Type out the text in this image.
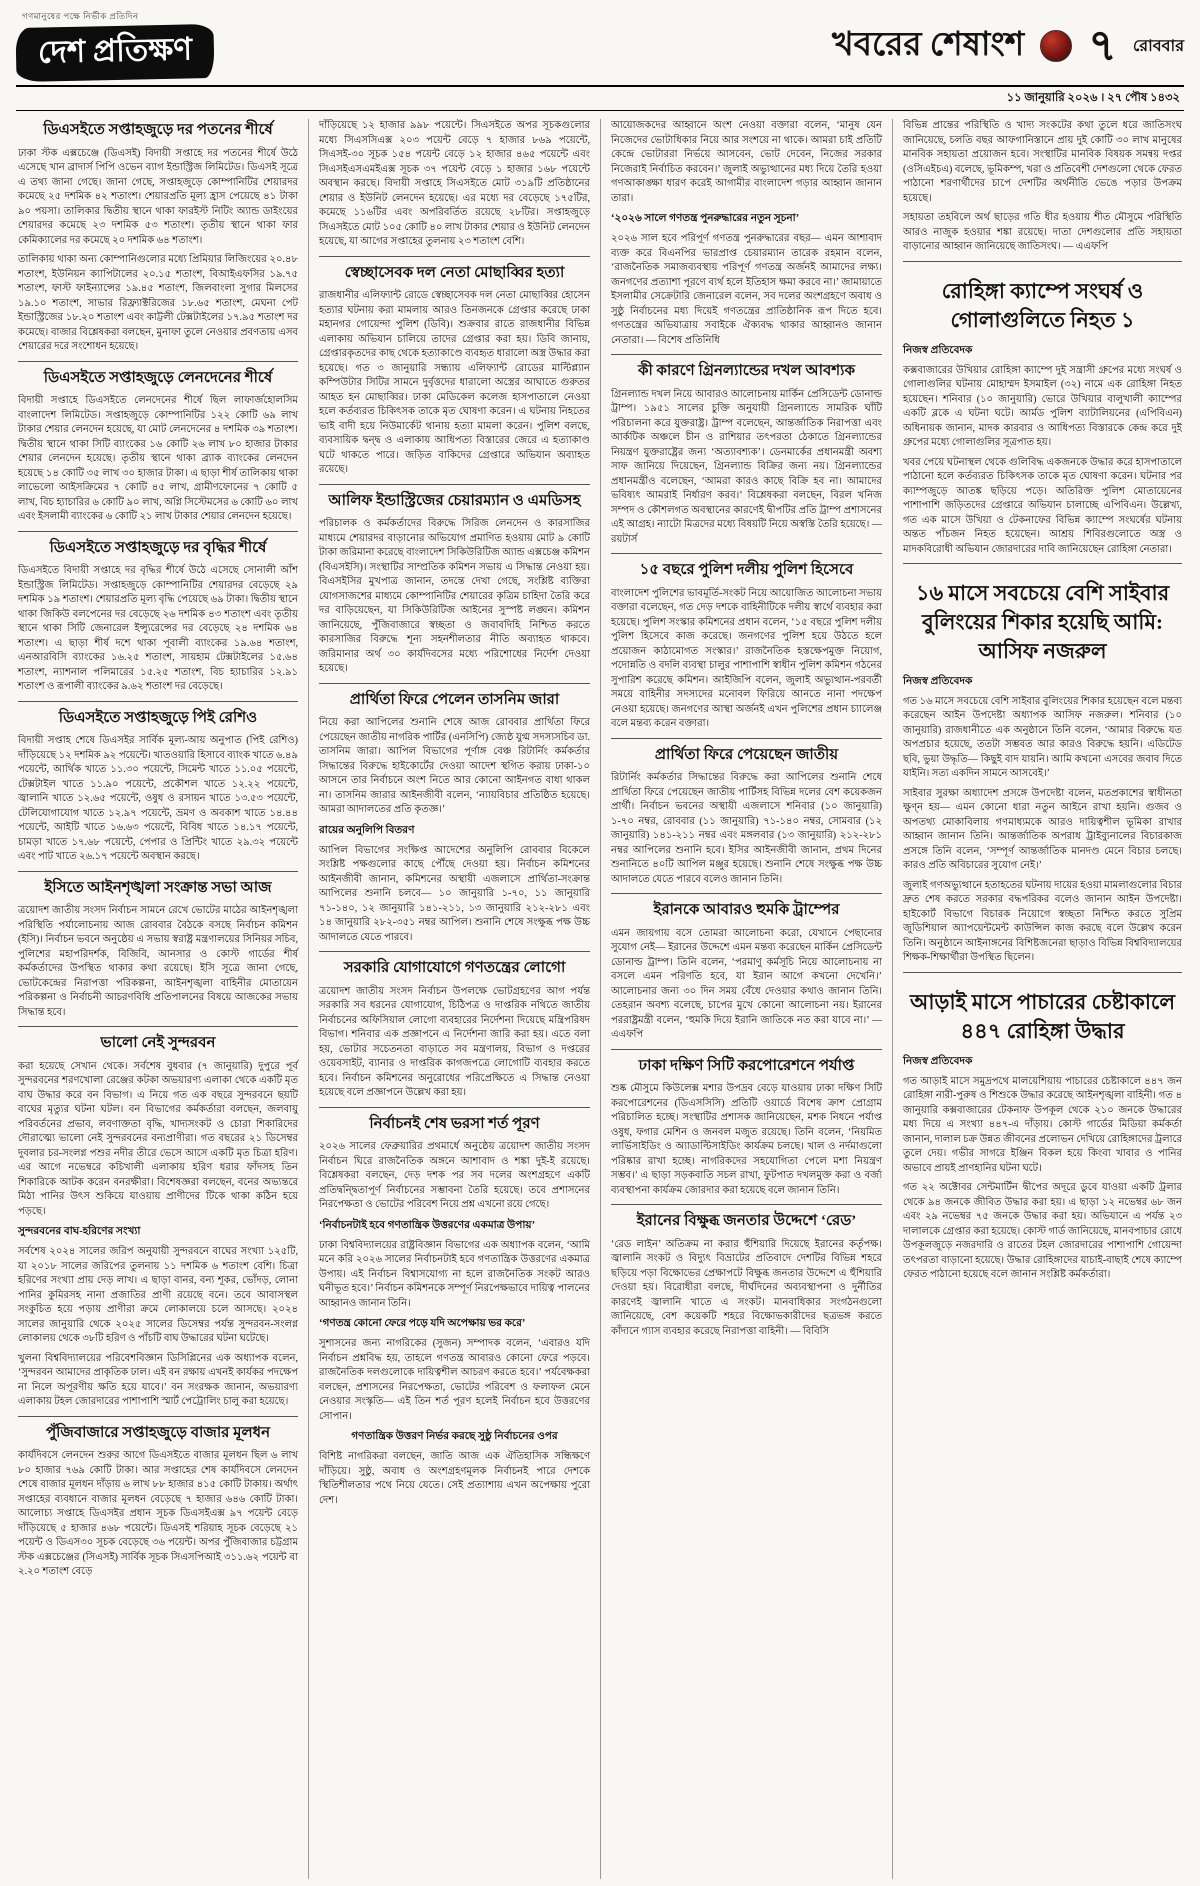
গণমানুষের পক্ষে নির্ভীক প্রতিদিন
দেশ প্রতিক্ষণ	খবরের শেষাংশ ৭ রোববার
১১ জানুয়ারি ২০২৬ । ২৭ পৌষ ১৪৩২
ডিএসইতে সপ্তাহজুড়ে দর পতনের শীর্ষে

ঢাকা স্টক এক্সচেঞ্জে (ডিএসই) বিদায়ী সপ্তাহে দর পতনের শীর্ষে উঠে এসেছে খান ব্রাদার্স পিপি ওভেন ব্যাগ ইন্ডাস্ট্রিজ লিমিটেড। ডিএসই সূত্রে এ তথ্য জানা গেছে। জানা গেছে, সপ্তাহজুড়ে কোম্পানিটির শেয়ারদর কমেছে ২৫ দশমিক ৪২ শতাংশ। শেয়ারপ্রতি মূল্য হ্রাস পেয়েছে ৪১ টাকা ৯০ পয়সা। তালিকার দ্বিতীয় স্থানে থাকা ফারইস্ট নিটিং অ্যান্ড ডাইংয়ের শেয়ারদর কমেছে ২৩ দশমিক ৫৩ শতাংশ। তৃতীয় স্থানে থাকা ফার কেমিক্যালের দর কমেছে ২০ দশমিক ৬৪ শতাংশ।

তালিকায় থাকা অন্য কোম্পানিগুলোর মধ্যে প্রিমিয়ার লিজিংয়ের ২০.৪৮ শতাংশ, ইউনিয়ন ক্যাপিটালের ২০.১৫ শতাংশ, বিআইএফসির ১৯.৭৫ শতাংশ, ফাস্ট ফাইন্যান্সের ১৯.৪৫ শতাংশ, জিলবাংলা সুগার মিলসের ১৯.১০ শতাংশ, সাভার রিফ্র্যাক্টরিজের ১৮.৬৫ শতাংশ, মেঘনা পেট ইন্ডাস্ট্রিজের ১৮.২০ শতাংশ এবং কাট্টলী টেক্সটাইলের ১৭.৯৫ শতাংশ দর কমেছে। বাজার বিশ্লেষকরা বলছেন, মুনাফা তুলে নেওয়ার প্রবণতায় এসব শেয়ারের দরে সংশোধন হয়েছে।

ডিএসইতে সপ্তাহজুড়ে লেনদেনের শীর্ষে

বিদায়ী সপ্তাহে ডিএসইতে লেনদেনের শীর্ষে ছিল লাফার্জহোলসিম বাংলাদেশ লিমিটেড। সপ্তাহজুড়ে কোম্পানিটির ১২২ কোটি ৬৯ লাখ টাকার শেয়ার লেনদেন হয়েছে, যা মোট লেনদেনের ৪ দশমিক ৩৯ শতাংশ। দ্বিতীয় স্থানে থাকা সিটি ব্যাংকের ১৬ কোটি ২৬ লাখ ৮০ হাজার টাকার শেয়ার লেনদেন হয়েছে। তৃতীয় স্থানে থাকা ব্র্যাক ব্যাংকের লেনদেন হয়েছে ১৪ কোটি ৩৫ লাখ ৩০ হাজার টাকা। এ ছাড়া শীর্ষ তালিকায় থাকা লাভেলো আইসক্রিমের ৭ কোটি ৪৫ লাখ, গ্রামীণফোনের ৭ কোটি ৫ লাখ, বিচ হ্যাচারির ৬ কোটি ৯০ লাখ, অগ্নি সিস্টেমসের ৬ কোটি ৬০ লাখ এবং ইসলামী ব্যাংকের ৬ কোটি ২১ লাখ টাকার শেয়ার লেনদেন হয়েছে।

ডিএসইতে সপ্তাহজুড়ে দর বৃদ্ধির শীর্ষে

ডিএসইতে বিদায়ী সপ্তাহে দর বৃদ্ধির শীর্ষে উঠে এসেছে সোনালী আঁশ ইন্ডাস্ট্রিজ লিমিটেড। সপ্তাহজুড়ে কোম্পানিটির শেয়ারদর বেড়েছে ২৯ দশমিক ১৯ শতাংশ। শেয়ারপ্রতি মূল্য বৃদ্ধি পেয়েছে ৬৯ টাকা। দ্বিতীয় স্থানে থাকা জিকিউ বলপেনের দর বেড়েছে ২৬ দশমিক ৪৩ শতাংশ এবং তৃতীয় স্থানে থাকা সিটি জেনারেল ইন্স্যুরেন্সের দর বেড়েছে ২৪ দশমিক ৬৪ শতাংশ। এ ছাড়া শীর্ষ দশে থাকা পূবালী ব্যাংকের ১৯.৬৪ শতাংশ, এনআরবিসি ব্যাংকের ১৬.২৫ শতাংশ, সায়হাম টেক্সটাইলের ১৫.৬৪ শতাংশ, ন্যাশনাল পলিমারের ১৫.২৫ শতাংশ, বিচ হ্যাচারির ১২.৯১ শতাংশ ও রূপালী ব্যাংকের ৯.৬২ শতাংশ দর বেড়েছে।

ডিএসইতে সপ্তাহজুড়ে পিই রেশিও

বিদায়ী সপ্তাহ শেষে ডিএসইর সার্বিক মূল্য-আয় অনুপাত (পিই রেশিও) দাঁড়িয়েছে ১২ দশমিক ৯২ পয়েন্টে। খাতওয়ারি হিসাবে ব্যাংক খাতে ৬.৪৯ পয়েন্টে, আর্থিক খাতে ১১.৩০ পয়েন্টে, সিমেন্ট খাতে ১১.০৫ পয়েন্টে, টেক্সটাইল খাতে ১১.৯০ পয়েন্টে, প্রকৌশল খাতে ১২.২২ পয়েন্টে, জ্বালানি খাতে ১২.৬৫ পয়েন্টে, ওষুধ ও রসায়ন খাতে ১৩.৫৩ পয়েন্টে, টেলিযোগাযোগ খাতে ১২.৯৭ পয়েন্টে, ভ্রমণ ও অবকাশ খাতে ১৪.৪৪ পয়েন্টে, আইটি খাতে ১৬.৬৩ পয়েন্টে, বিবিধ খাতে ১৪.১৭ পয়েন্টে, চামড়া খাতে ১৭.৬৮ পয়েন্টে, পেপার ও প্রিন্টিং খাতে ২৯.৩২ পয়েন্টে এবং পাট খাতে ২৬.১৭ পয়েন্টে অবস্থান করছে।

ইসিতে আইনশৃঙ্খলা সংক্রান্ত সভা আজ

ত্রয়োদশ জাতীয় সংসদ নির্বাচন সামনে রেখে ভোটের মাঠের আইনশৃঙ্খলা পরিস্থিতি পর্যালোচনায় আজ রোববার বৈঠকে বসছে নির্বাচন কমিশন (ইসি)। নির্বাচন ভবনে অনুষ্ঠেয় এ সভায় স্বরাষ্ট্র মন্ত্রণালয়ের সিনিয়র সচিব, পুলিশের মহাপরিদর্শক, বিজিবি, আনসার ও কোস্ট গার্ডের শীর্ষ কর্মকর্তাদের উপস্থিত থাকার কথা রয়েছে। ইসি সূত্রে জানা গেছে, ভোটকেন্দ্রের নিরাপত্তা পরিকল্পনা, আইনশৃঙ্খলা বাহিনীর মোতায়েন পরিকল্পনা ও নির্বাচনী আচরণবিধি প্রতিপালনের বিষয়ে আজকের সভায় সিদ্ধান্ত হবে।

ভালো নেই সুন্দরবন

করা হয়েছে সেখান থেকে। সর্বশেষ বুধবার (৭ জানুয়ারি) দুপুরে পূর্ব সুন্দরবনের শরণখোলা রেঞ্জের কটকা অভয়ারণ্য এলাকা থেকে একটি মৃত বাঘ উদ্ধার করে বন বিভাগ। এ নিয়ে গত এক বছরে সুন্দরবনে ছয়টি বাঘের মৃত্যুর ঘটনা ঘটল। বন বিভাগের কর্মকর্তারা বলছেন, জলবায়ু পরিবর্তনের প্রভাব, লবণাক্ততা বৃদ্ধি, খাদ্যসংকট ও চোরা শিকারিদের দৌরাত্ম্যে ভালো নেই সুন্দরবনের বন্যপ্রাণীরা। গত বছরের ২১ ডিসেম্বর দুবলার চর-সংলগ্ন পশুর নদীর তীরে ভেসে আসে একটি মৃত চিত্রা হরিণ। এর আগে নভেম্বরে কচিখালী এলাকায় হরিণ ধরার ফাঁদসহ তিন শিকারিকে আটক করেন বনরক্ষীরা। বিশেষজ্ঞরা বলছেন, বনের অভ্যন্তরে মিঠা পানির উৎস শুকিয়ে যাওয়ায় প্রাণীদের টিকে থাকা কঠিন হয়ে পড়ছে।

সুন্দরবনের বাঘ-হরিণের সংখ্যা

সর্বশেষ ২০২৪ সালের জরিপ অনুযায়ী সুন্দরবনে বাঘের সংখ্যা ১২৫টি, যা ২০১৮ সালের জরিপের তুলনায় ১১ দশমিক ৬ শতাংশ বেশি। চিত্রা হরিণের সংখ্যা প্রায় দেড় লাখ। এ ছাড়া বানর, বন্য শূকর, ভোঁদড়, লোনা পানির কুমিরসহ নানা প্রজাতির প্রাণী রয়েছে বনে। তবে আবাসস্থল সংকুচিত হয়ে পড়ায় প্রাণীরা ক্রমে লোকালয়ে চলে আসছে। ২০২৪ সালের জানুয়ারি থেকে ২০২৫ সালের ডিসেম্বর পর্যন্ত সুন্দরবন-সংলগ্ন লোকালয় থেকে ৩৮টি হরিণ ও পাঁচটি বাঘ উদ্ধারের ঘটনা ঘটেছে।

খুলনা বিশ্ববিদ্যালয়ের পরিবেশবিজ্ঞান ডিসিপ্লিনের এক অধ্যাপক বলেন, ‘সুন্দরবন আমাদের প্রাকৃতিক ঢাল। এই বন রক্ষায় এখনই কার্যকর পদক্ষেপ না নিলে অপূরণীয় ক্ষতি হয়ে যাবে।’ বন সংরক্ষক জানান, অভয়ারণ্য এলাকায় টহল জোরদারের পাশাপাশি স্মার্ট পেট্রোলিং চালু করা হয়েছে।

পুঁজিবাজারে সপ্তাহজুড়ে বাজার মূলধন

কার্যদিবসে লেনদেন শুরুর আগে ডিএসইতে বাজার মূলধন ছিল ৬ লাখ ৮০ হাজার ৭৬৯ কোটি টাকা। আর সপ্তাহের শেষ কার্যদিবসে লেনদেন শেষে বাজার মূলধন দাঁড়ায় ৬ লাখ ৮৮ হাজার ৪১৫ কোটি টাকায়। অর্থাৎ সপ্তাহের ব্যবধানে বাজার মূলধন বেড়েছে ৭ হাজার ৬৪৬ কোটি টাকা। আলোচ্য সপ্তাহে ডিএসইর প্রধান সূচক ডিএসইএক্স ৯৭ পয়েন্ট বেড়ে দাঁড়িয়েছে ৫ হাজার ৪৬৮ পয়েন্টে। ডিএসই শরিয়াহ সূচক বেড়েছে ২১ পয়েন্ট ও ডিএস৩০ সূচক বেড়েছে ৩৬ পয়েন্ট। অপর পুঁজিবাজার চট্টগ্রাম স্টক এক্সচেঞ্জের (সিএসই) সার্বিক সূচক সিএসপিআই ৩১১.৬২ পয়েন্ট বা ২.২০ শতাংশ বেড়ে

দাঁড়িয়েছে ১২ হাজার ৯৯৮ পয়েন্টে। সিএসইতে অপর সূচকগুলোর মধ্যে সিএসসিএক্স ২০৩ পয়েন্ট বেড়ে ৭ হাজার ৮৬৯ পয়েন্টে, সিএসই-৩০ সূচক ১৫৪ পয়েন্ট বেড়ে ১২ হাজার ৪৬৫ পয়েন্টে এবং সিএসইএসএমইএক্স সূচক ৩৭ পয়েন্ট বেড়ে ১ হাজার ১৬৮ পয়েন্টে অবস্থান করছে। বিদায়ী সপ্তাহে সিএসইতে মোট ৩১৯টি প্রতিষ্ঠানের শেয়ার ও ইউনিট লেনদেন হয়েছে। এর মধ্যে দর বেড়েছে ১৭৫টির, কমেছে ১১৬টির এবং অপরিবর্তিত রয়েছে ২৮টির। সপ্তাহজুড়ে সিএসইতে মোট ১০৫ কোটি ৪০ লাখ টাকার শেয়ার ও ইউনিট লেনদেন হয়েছে, যা আগের সপ্তাহের তুলনায় ২৩ শতাংশ বেশি।

স্বেচ্ছাসেবক দল নেতা মোছাব্বির হত্যা

রাজধানীর এলিফ্যান্ট রোডে স্বেচ্ছাসেবক দল নেতা মোছাব্বির হোসেন হত্যার ঘটনায় করা মামলায় আরও তিনজনকে গ্রেপ্তার করেছে ঢাকা মহানগর গোয়েন্দা পুলিশ (ডিবি)। শুক্রবার রাতে রাজধানীর বিভিন্ন এলাকায় অভিযান চালিয়ে তাদের গ্রেপ্তার করা হয়। ডিবি জানায়, গ্রেপ্তারকৃতদের কাছ থেকে হত্যাকাণ্ডে ব্যবহৃত ধারালো অস্ত্র উদ্ধার করা হয়েছে। গত ৩ জানুয়ারি সন্ধ্যায় এলিফ্যান্ট রোডের মাল্টিপ্ল্যান কম্পিউটার সিটির সামনে দুর্বৃত্তদের ধারালো অস্ত্রের আঘাতে গুরুতর আহত হন মোছাব্বির। ঢাকা মেডিকেল কলেজ হাসপাতালে নেওয়া হলে কর্তব্যরত চিকিৎসক তাকে মৃত ঘোষণা করেন। এ ঘটনায় নিহতের ভাই বাদী হয়ে নিউমার্কেট থানায় হত্যা মামলা করেন। পুলিশ বলছে, ব্যবসায়িক দ্বন্দ্ব ও এলাকায় আধিপত্য বিস্তারের জেরে এ হত্যাকাণ্ড ঘটে থাকতে পারে। জড়িত বাকিদের গ্রেপ্তারে অভিযান অব্যাহত রয়েছে।

আলিফ ইন্ডাস্ট্রিজের চেয়ারম্যান ও এমডিসহ

পরিচালক ও কর্মকর্তাদের বিরুদ্ধে সিরিজ লেনদেন ও কারসাজির মাধ্যমে শেয়ারদর বাড়ানোর অভিযোগ প্রমাণিত হওয়ায় মোট ৯ কোটি টাকা জরিমানা করেছে বাংলাদেশ সিকিউরিটিজ অ্যান্ড এক্সচেঞ্জ কমিশন (বিএসইসি)। সংস্থাটির সাম্প্রতিক কমিশন সভায় এ সিদ্ধান্ত নেওয়া হয়। বিএসইসির মুখপাত্র জানান, তদন্তে দেখা গেছে, সংশ্লিষ্ট ব্যক্তিরা যোগসাজশের মাধ্যমে কোম্পানিটির শেয়ারের কৃত্রিম চাহিদা তৈরি করে দর বাড়িয়েছেন, যা সিকিউরিটিজ আইনের সুস্পষ্ট লঙ্ঘন। কমিশন জানিয়েছে, পুঁজিবাজারে স্বচ্ছতা ও জবাবদিহি নিশ্চিত করতে কারসাজির বিরুদ্ধে শূন্য সহনশীলতার নীতি অব্যাহত থাকবে। জরিমানার অর্থ ৩০ কার্যদিবসের মধ্যে পরিশোধের নির্দেশ দেওয়া হয়েছে।

প্রার্থিতা ফিরে পেলেন তাসনিম জারা

নিয়ে করা আপিলের শুনানি শেষে আজ রোববার প্রার্থিতা ফিরে পেয়েছেন জাতীয় নাগরিক পার্টির (এনসিপি) জ্যেষ্ঠ যুগ্ম সদস্যসচিব ডা. তাসনিম জারা। আপিল বিভাগের পূর্ণাঙ্গ বেঞ্চ রিটার্নিং কর্মকর্তার সিদ্ধান্তের বিরুদ্ধে হাইকোর্টের দেওয়া আদেশ স্থগিত করায় ঢাকা-১০ আসনে তার নির্বাচনে অংশ নিতে আর কোনো আইনগত বাধা থাকল না। তাসনিম জারার আইনজীবী বলেন, ‘ন্যায়বিচার প্রতিষ্ঠিত হয়েছে। আমরা আদালতের প্রতি কৃতজ্ঞ।’

রায়ের অনুলিপি বিতরণ

আপিল বিভাগের সংক্ষিপ্ত আদেশের অনুলিপি রোববার বিকেলে সংশ্লিষ্ট পক্ষগুলোর কাছে পৌঁছে দেওয়া হয়। নির্বাচন কমিশনের আইনজীবী জানান, কমিশনের অস্থায়ী এজলাসে প্রার্থিতা-সংক্রান্ত আপিলের শুনানি চলবে— ১০ জানুয়ারি ১-৭০, ১১ জানুয়ারি ৭১-১৪০, ১২ জানুয়ারি ১৪১-২১১, ১৩ জানুয়ারি ২১২-২৮১ এবং ১৪ জানুয়ারি ২৮২-৩৫১ নম্বর আপিল। শুনানি শেষে সংক্ষুব্ধ পক্ষ উচ্চ আদালতে যেতে পারবে।

সরকারি যোগাযোগে গণতন্ত্রের লোগো

ত্রয়োদশ জাতীয় সংসদ নির্বাচন উপলক্ষে ভোটগ্রহণের আগ পর্যন্ত সরকারি সব ধরনের যোগাযোগ, চিঠিপত্র ও দাপ্তরিক নথিতে জাতীয় নির্বাচনের অফিসিয়াল লোগো ব্যবহারের নির্দেশনা দিয়েছে মন্ত্রিপরিষদ বিভাগ। শনিবার এক প্রজ্ঞাপনে এ নির্দেশনা জারি করা হয়। এতে বলা হয়, ভোটার সচেতনতা বাড়াতে সব মন্ত্রণালয়, বিভাগ ও দপ্তরের ওয়েবসাইট, ব্যানার ও দাপ্তরিক কাগজপত্রে লোগোটি ব্যবহার করতে হবে। নির্বাচন কমিশনের অনুরোধের পরিপ্রেক্ষিতে এ সিদ্ধান্ত নেওয়া হয়েছে বলে প্রজ্ঞাপনে উল্লেখ করা হয়।

নির্বাচনই শেষ ভরসা শর্ত পূরণ

২০২৬ সালের ফেব্রুয়ারির প্রথমার্ধে অনুষ্ঠেয় ত্রয়োদশ জাতীয় সংসদ নির্বাচন ঘিরে রাজনৈতিক অঙ্গনে আশাবাদ ও শঙ্কা দুই-ই রয়েছে। বিশ্লেষকরা বলছেন, দেড় দশক পর সব দলের অংশগ্রহণে একটি প্রতিদ্বন্দ্বিতাপূর্ণ নির্বাচনের সম্ভাবনা তৈরি হয়েছে। তবে প্রশাসনের নিরপেক্ষতা ও ভোটের পরিবেশ নিয়ে প্রশ্ন এখনো রয়ে গেছে।

‘নির্বাচনটাই হবে গণতান্ত্রিক উত্তরণের একমাত্র উপায়’

ঢাকা বিশ্ববিদ্যালয়ের রাষ্ট্রবিজ্ঞান বিভাগের এক অধ্যাপক বলেন, ‘আমি মনে করি ২০২৬ সালের নির্বাচনটাই হবে গণতান্ত্রিক উত্তরণের একমাত্র উপায়। এই নির্বাচন বিশ্বাসযোগ্য না হলে রাজনৈতিক সংকট আরও ঘনীভূত হবে।’ নির্বাচন কমিশনকে সম্পূর্ণ নিরপেক্ষভাবে দায়িত্ব পালনের আহ্বানও জানান তিনি।

‘গণতন্ত্র কোনো ফেরে পড়ে যদি অপেক্ষায় ভর করে’

সুশাসনের জন্য নাগরিকের (সুজন) সম্পাদক বলেন, ‘এবারও যদি নির্বাচন প্রশ্নবিদ্ধ হয়, তাহলে গণতন্ত্র আবারও কোনো ফেরে পড়বে। রাজনৈতিক দলগুলোকে দায়িত্বশীল আচরণ করতে হবে।’ পর্যবেক্ষকরা বলছেন, প্রশাসনের নিরপেক্ষতা, ভোটের পরিবেশ ও ফলাফল মেনে নেওয়ার সংস্কৃতি— এই তিন শর্ত পূরণ হলেই নির্বাচন হবে উত্তরণের সোপান।

গণতান্ত্রিক উত্তরণ নির্ভর করছে সুষ্ঠু নির্বাচনের ওপর

বিশিষ্ট নাগরিকরা বলছেন, জাতি আজ এক ঐতিহাসিক সন্ধিক্ষণে দাঁড়িয়ে। সুষ্ঠু, অবাধ ও অংশগ্রহণমূলক নির্বাচনই পারে দেশকে স্থিতিশীলতার পথে নিয়ে যেতে। সেই প্রত্যাশায় এখন অপেক্ষায় পুরো দেশ।

আয়োজকদের আহ্বানে অংশ নেওয়া বক্তারা বলেন, ‘মানুষ যেন নিজেদের ভোটাধিকার নিয়ে আর সংশয়ে না থাকে। আমরা চাই প্রতিটি কেন্দ্রে ভোটাররা নির্ভয়ে আসবেন, ভোট দেবেন, নিজের সরকার নিজেরাই নির্বাচিত করবেন।’ জুলাই অভ্যুত্থানের মধ্য দিয়ে তৈরি হওয়া গণআকাঙ্ক্ষা ধারণ করেই আগামীর বাংলাদেশ গড়ার আহ্বান জানান তারা।

‘২০২৬ সালে গণতন্ত্র পুনরুদ্ধারের নতুন সূচনা’

২০২৬ সাল হবে পরিপূর্ণ গণতন্ত্র পুনরুদ্ধারের বছর— এমন আশাবাদ ব্যক্ত করে বিএনপির ভারপ্রাপ্ত চেয়ারম্যান তারেক রহমান বলেন, ‘রাজনৈতিক সমাজব্যবস্থায় পরিপূর্ণ গণতন্ত্র অর্জনই আমাদের লক্ষ্য। জনগণের প্রত্যাশা পূরণে ব্যর্থ হলে ইতিহাস ক্ষমা করবে না।’ জামায়াতে ইসলামীর সেক্রেটারি জেনারেল বলেন, সব দলের অংশগ্রহণে অবাধ ও সুষ্ঠু নির্বাচনের মধ্য দিয়েই গণতন্ত্রের প্রাতিষ্ঠানিক রূপ দিতে হবে। গণতন্ত্রের অভিযাত্রায় সবাইকে ঐক্যবদ্ধ থাকার আহ্বানও জানান নেতারা। — বিশেষ প্রতিনিধি

কী কারণে গ্রিনল্যান্ডের দখল আবশ্যক

গ্রিনল্যান্ড দখল নিয়ে আবারও আলোচনায় মার্কিন প্রেসিডেন্ট ডোনাল্ড ট্রাম্প। ১৯৫১ সালের চুক্তি অনুযায়ী গ্রিনল্যান্ডে সামরিক ঘাঁটি পরিচালনা করে যুক্তরাষ্ট্র। ট্রাম্প বলেছেন, আন্তর্জাতিক নিরাপত্তা এবং আর্কটিক অঞ্চলে চীন ও রাশিয়ার তৎপরতা ঠেকাতে গ্রিনল্যান্ডের নিয়ন্ত্রণ যুক্তরাষ্ট্রের জন্য ‘অত্যাবশ্যক’। ডেনমার্কের প্রধানমন্ত্রী অবশ্য সাফ জানিয়ে দিয়েছেন, গ্রিনল্যান্ড বিক্রির জন্য নয়। গ্রিনল্যান্ডের প্রধানমন্ত্রীও বলেছেন, ‘আমরা কারও কাছে বিক্রি হব না। আমাদের ভবিষ্যৎ আমরাই নির্ধারণ করব।’ বিশ্লেষকরা বলছেন, বিরল খনিজ সম্পদ ও কৌশলগত অবস্থানের কারণেই দ্বীপটির প্রতি ট্রাম্প প্রশাসনের এই আগ্রহ। ন্যাটো মিত্রদের মধ্যে বিষয়টি নিয়ে অস্বস্তি তৈরি হয়েছে। — রয়টার্স

১৫ বছরে পুলিশ দলীয় পুলিশ হিসেবে

বাংলাদেশ পুলিশের ভাবমূর্তি-সংকট নিয়ে আয়োজিত আলোচনা সভায় বক্তারা বলেছেন, গত দেড় দশকে বাহিনীটিকে দলীয় স্বার্থে ব্যবহার করা হয়েছে। পুলিশ সংস্কার কমিশনের প্রধান বলেন, ‘১৫ বছরে পুলিশ দলীয় পুলিশ হিসেবে কাজ করেছে। জনগণের পুলিশ হয়ে উঠতে হলে প্রয়োজন কাঠামোগত সংস্কার।’ রাজনৈতিক হস্তক্ষেপমুক্ত নিয়োগ, পদোন্নতি ও বদলি ব্যবস্থা চালুর পাশাপাশি স্বাধীন পুলিশ কমিশন গঠনের সুপারিশ করেছে কমিশন। আইজিপি বলেন, জুলাই অভ্যুত্থান-পরবর্তী সময়ে বাহিনীর সদস্যদের মনোবল ফিরিয়ে আনতে নানা পদক্ষেপ নেওয়া হয়েছে। জনগণের আস্থা অর্জনই এখন পুলিশের প্রধান চ্যালেঞ্জ বলে মন্তব্য করেন বক্তারা।

প্রার্থিতা ফিরে পেয়েছেন জাতীয়

রিটার্নিং কর্মকর্তার সিদ্ধান্তের বিরুদ্ধে করা আপিলের শুনানি শেষে প্রার্থিতা ফিরে পেয়েছেন জাতীয় পার্টিসহ বিভিন্ন দলের বেশ কয়েকজন প্রার্থী। নির্বাচন ভবনের অস্থায়ী এজলাসে শনিবার (১০ জানুয়ারি) ১-৭০ নম্বর, রোববার (১১ জানুয়ারি) ৭১-১৪০ নম্বর, সোমবার (১২ জানুয়ারি) ১৪১-২১১ নম্বর এবং মঙ্গলবার (১৩ জানুয়ারি) ২১২-২৮১ নম্বর আপিলের শুনানি হবে। ইসির আইনজীবী জানান, প্রথম দিনের শুনানিতে ৪০টি আপিল মঞ্জুর হয়েছে। শুনানি শেষে সংক্ষুব্ধ পক্ষ উচ্চ আদালতে যেতে পারবে বলেও জানান তিনি।

ইরানকে আবারও হুমকি ট্রাম্পের

এমন জায়গায় বসে তোমরা আলোচনা করো, যেখানে পেছানোর সুযোগ নেই— ইরানের উদ্দেশে এমন মন্তব্য করেছেন মার্কিন প্রেসিডেন্ট ডোনাল্ড ট্রাম্প। তিনি বলেন, ‘পরমাণু কর্মসূচি নিয়ে আলোচনায় না বসলে এমন পরিণতি হবে, যা ইরান আগে কখনো দেখেনি।’ আলোচনার জন্য ৩০ দিন সময় বেঁধে দেওয়ার কথাও জানান তিনি। তেহরান অবশ্য বলেছে, চাপের মুখে কোনো আলোচনা নয়। ইরানের পররাষ্ট্রমন্ত্রী বলেন, ‘হুমকি দিয়ে ইরানি জাতিকে নত করা যাবে না।’ — এএফপি

ঢাকা দক্ষিণ সিটি করপোরেশনে পর্যাপ্ত

শুষ্ক মৌসুমে কিউলেক্স মশার উপদ্রব বেড়ে যাওয়ায় ঢাকা দক্ষিণ সিটি করপোরেশনের (ডিএসসিসি) প্রতিটি ওয়ার্ডে বিশেষ ক্রাশ প্রোগ্রাম পরিচালিত হচ্ছে। সংস্থাটির প্রশাসক জানিয়েছেন, মশক নিধনে পর্যাপ্ত ওষুধ, ফগার মেশিন ও জনবল মজুত রয়েছে। তিনি বলেন, ‘নিয়মিত লার্ভিসাইডিং ও অ্যাডাল্টিসাইডিং কার্যক্রম চলছে। খাল ও নর্দমাগুলো পরিষ্কার রাখা হচ্ছে। নাগরিকদের সহযোগিতা পেলে মশা নিয়ন্ত্রণ সম্ভব।’ এ ছাড়া সড়কবাতি সচল রাখা, ফুটপাত দখলমুক্ত করা ও বর্জ্য ব্যবস্থাপনা কার্যক্রম জোরদার করা হয়েছে বলে জানান তিনি।

ইরানের বিক্ষুব্ধ জনতার উদ্দেশে ‘রেড’

‘রেড লাইন’ অতিক্রম না করার হুঁশিয়ারি দিয়েছে ইরানের কর্তৃপক্ষ। জ্বালানি সংকট ও বিদ্যুৎ বিভ্রাটের প্রতিবাদে দেশটির বিভিন্ন শহরে ছড়িয়ে পড়া বিক্ষোভের প্রেক্ষাপটে বিক্ষুব্ধ জনতার উদ্দেশে এ হুঁশিয়ারি দেওয়া হয়। বিরোধীরা বলছে, দীর্ঘদিনের অব্যবস্থাপনা ও দুর্নীতির কারণেই জ্বালানি খাতে এ সংকট। মানবাধিকার সংগঠনগুলো জানিয়েছে, বেশ কয়েকটি শহরে বিক্ষোভকারীদের ছত্রভঙ্গ করতে কাঁদানে গ্যাস ব্যবহার করেছে নিরাপত্তা বাহিনী। — বিবিসি

বিভিন্ন প্রান্তের পরিস্থিতি ও খাদ্য সংকটের কথা তুলে ধরে জাতিসংঘ জানিয়েছে, চলতি বছর আফগানিস্তানে প্রায় দুই কোটি ৩০ লাখ মানুষের মানবিক সহায়তা প্রয়োজন হবে। সংস্থাটির মানবিক বিষয়ক সমন্বয় দপ্তর (ওসিএইচএ) বলেছে, ভূমিকম্প, খরা ও প্রতিবেশী দেশগুলো থেকে ফেরত পাঠানো শরণার্থীদের চাপে দেশটির অর্থনীতি ভেঙে পড়ার উপক্রম হয়েছে।

সহায়তা তহবিলে অর্থ ছাড়ের গতি ধীর হওয়ায় শীত মৌসুমে পরিস্থিতি আরও নাজুক হওয়ার শঙ্কা রয়েছে। দাতা দেশগুলোর প্রতি সহায়তা বাড়ানোর আহ্বান জানিয়েছে জাতিসংঘ। — এএফপি

রোহিঙ্গা ক্যাম্পে সংঘর্ষ ও গোলাগুলিতে নিহত ১
নিজস্ব প্রতিবেদক

কক্সবাজারের উখিয়ার রোহিঙ্গা ক্যাম্পে দুই সন্ত্রাসী গ্রুপের মধ্যে সংঘর্ষ ও গোলাগুলির ঘটনায় মোহাম্মদ ইসমাইল (৩২) নামে এক রোহিঙ্গা নিহত হয়েছেন। শনিবার (১০ জানুয়ারি) ভোরে উখিয়ার বালুখালী ক্যাম্পের একটি ব্লকে এ ঘটনা ঘটে। আর্মড পুলিশ ব্যাটালিয়নের (এপিবিএন) অধিনায়ক জানান, মাদক কারবার ও আধিপত্য বিস্তারকে কেন্দ্র করে দুই গ্রুপের মধ্যে গোলাগুলির সূত্রপাত হয়।

খবর পেয়ে ঘটনাস্থল থেকে গুলিবিদ্ধ একজনকে উদ্ধার করে হাসপাতালে পাঠানো হলে কর্তব্যরত চিকি‌ৎসক তাকে মৃত ঘোষণা করেন। ঘটনার পর ক্যাম্পজুড়ে আতঙ্ক ছড়িয়ে পড়ে। অতিরিক্ত পুলিশ মোতায়েনের পাশাপাশি জড়িতদের গ্রেপ্তারে অভিযান চালাচ্ছে এপিবিএন। উল্লেখ্য, গত এক মাসে উখিয়া ও টেকনাফের বিভিন্ন ক্যাম্পে সংঘর্ষের ঘটনায় অন্তত পাঁচজন নিহত হয়েছেন। আশ্রয় শিবিরগুলোতে অস্ত্র ও মাদকবিরোধী অভিযান জোরদারের দাবি জানিয়েছেন রোহিঙ্গা নেতারা।

১৬ মাসে সবচেয়ে বেশি সাইবার বুলিংয়ের শিকার হয়েছি আমি: আসিফ নজরুল
নিজস্ব প্রতিবেদক

গত ১৬ মাসে সবচেয়ে বেশি সাইবার বুলিংয়ের শিকার হয়েছেন বলে মন্তব্য করেছেন আইন উপদেষ্টা অধ্যাপক আসিফ নজরুল। শনিবার (১০ জানুয়ারি) রাজধানীতে এক অনুষ্ঠানে তিনি বলেন, ‘আমার বিরুদ্ধে যত অপপ্রচার হয়েছে, ততটা সম্ভবত আর কারও বিরুদ্ধে হয়নি। এডিটেড ছবি, ভুয়া উদ্ধৃতি— কিছুই বাদ যায়নি। আমি কখনো এসবের জবাব দিতে যাইনি। সত্য একদিন সামনে আসবেই।’

সাইবার সুরক্ষা অধ্যাদেশ প্রসঙ্গে উপদেষ্টা বলেন, মতপ্রকাশের স্বাধীনতা ক্ষুণ্ন হয়— এমন কোনো ধারা নতুন আইনে রাখা হয়নি। গুজব ও অপতথ্য মোকাবিলায় গণমাধ্যমকে আরও দায়িত্বশীল ভূমিকা রাখার আহ্বান জানান তিনি। আন্তর্জাতিক অপরাধ ট্রাইব্যুনালের বিচারকাজ প্রসঙ্গে তিনি বলেন, ‘সম্পূর্ণ আন্তর্জাতিক মানদণ্ড মেনে বিচার চলছে। কারও প্রতি অবিচারের সুযোগ নেই।’

জুলাই গণঅভ্যুত্থানে হতাহতের ঘটনায় দায়ের হওয়া মামলাগুলোর বিচার দ্রুত শেষ করতে সরকার বদ্ধপরিকর বলেও জানান আইন উপদেষ্টা। হাইকোর্ট বিভাগে বিচারক নিয়োগে স্বচ্ছতা নিশ্চিত করতে সুপ্রিম জুডিশিয়াল অ্যাপয়েন্টমেন্ট কাউন্সিল কাজ করছে বলে উল্লেখ করেন তিনি। অনুষ্ঠানে আইনাঙ্গনের বিশিষ্টজনেরা ছাড়াও বিভিন্ন বিশ্ববিদ্যালয়ের শিক্ষক-শিক্ষার্থীরা উপস্থিত ছিলেন।

আড়াই মাসে পাচারের চেষ্টাকালে ৪৪৭ রোহিঙ্গা উদ্ধার
নিজস্ব প্রতিবেদক

গত আড়াই মাসে সমুদ্রপথে মালয়েশিয়ায় পাচারের চেষ্টাকালে ৪৪৭ জন রোহিঙ্গা নারী-পুরুষ ও শিশুকে উদ্ধার করেছে আইনশৃঙ্খলা বাহিনী। গত ৪ জানুয়ারি কক্সবাজারের টেকনাফ উপকূল থেকে ২১০ জনকে উদ্ধারের মধ্য দিয়ে এ সংখ্যা ৪৪৭-এ দাঁড়ায়। কোস্ট গার্ডের মিডিয়া কর্মকর্তা জানান, দালাল চক্র উন্নত জীবনের প্রলোভন দেখিয়ে রোহিঙ্গাদের ট্রলারে তুলে দেয়। গভীর সাগরে ইঞ্জিন বিকল হয়ে কিংবা খাবার ও পানির অভাবে প্রায়ই প্রাণহানির ঘটনা ঘটে।

গত ২২ অক্টোবর সেন্টমার্টিন দ্বীপের অদূরে ডুবে যাওয়া একটি ট্রলার থেকে ৯৪ জনকে জীবিত উদ্ধার করা হয়। এ ছাড়া ১২ নভেম্বর ৬৮ জন এবং ২৯ নভেম্বর ৭৫ জনকে উদ্ধার করা হয়। অভিযানে এ পর্যন্ত ২৩ দালালকে গ্রেপ্তার করা হয়েছে। কোস্ট গার্ড জানিয়েছে, মানবপাচার রোধে উপকূলজুড়ে নজরদারি ও রাতের টহল জোরদারের পাশাপাশি গোয়েন্দা তৎপরতা বাড়ানো হয়েছে। উদ্ধার রোহিঙ্গাদের যাচাই-বাছাই শেষে ক্যাম্পে ফেরত পাঠানো হয়েছে বলে জানান সংশ্লিষ্ট কর্মকর্তারা।
